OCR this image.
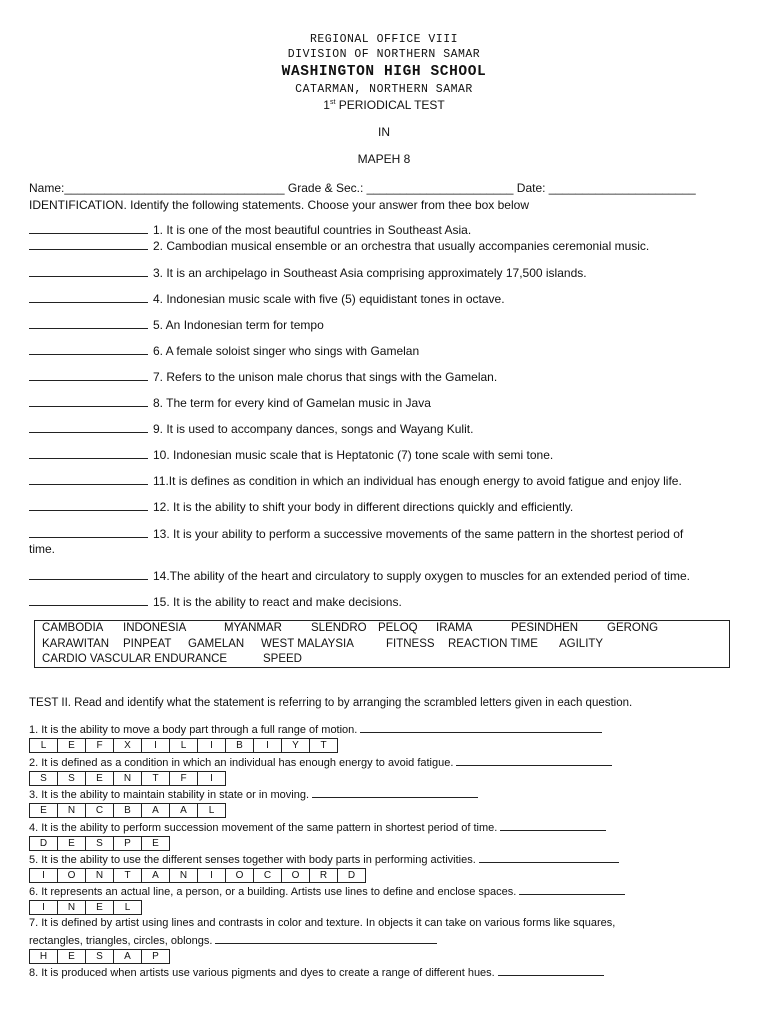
REGIONAL OFFICE VIII
DIVISION OF NORTHERN SAMAR
WASHINGTON HIGH SCHOOL
CATARMAN, NORTHERN SAMAR
1st PERIODICAL TEST
IN
MAPEH 8
Name:_________________________________ Grade & Sec.: ______________________ Date: ______________________
IDENTIFICATION. Identify the following statements. Choose your answer from thee box below
1. It is one of the most beautiful countries in Southeast Asia.
2. Cambodian musical ensemble or an orchestra that usually accompanies ceremonial music.
3. It is an archipelago in Southeast Asia comprising approximately 17,500 islands.
4. Indonesian music scale with five (5) equidistant tones in octave.
5. An Indonesian term for tempo
6. A female soloist singer who sings with Gamelan
7. Refers to the unison male chorus that sings with the Gamelan.
8. The term for every kind of Gamelan music in Java
9. It is used to accompany dances, songs and Wayang Kulit.
10. Indonesian music scale that is Heptatonic (7) tone scale with semi tone.
11.It is defines as condition in which an individual has enough energy to avoid fatigue and enjoy life.
12. It is the ability to shift your body in different directions quickly and efficiently.
13. It is your ability to perform a successive movements of the same pattern in the shortest period of
time.
14.The ability of the heart and circulatory to supply oxygen to muscles for an extended period of time.
15. It is the ability to react and make decisions.
CAMBODIA INDONESIA	MYANMAR	SLENDRO PELOQ IRAMA	PESINDHEN	GERONG
KARAWITAN PINPEAT GAMELAN WEST MALAYSIA	FITNESS REACTION TIME AGILITY
CARDIO VASCULAR ENDURANCE	SPEED
TEST II. Read and identify what the statement is referring to by arranging the scrambled letters given in each question.
1. It is the ability to move a body part through a full range of motion.
L	E	F	X	I	L	I	B	I	Y	T
2. It is defined as a condition in which an individual has enough energy to avoid fatigue.
S	S	E	N	T	F	I
3. It is the ability to maintain stability in state or in moving.
E	N	C	B	A	A	L
4. It is the ability to perform succession movement of the same pattern in shortest period of time.
D	E	S	P	E
5. It is the ability to use the different senses together with body parts in performing activities.
I	O	N	T	A	N	I	O	C	O	R	D
6. It represents an actual line, a person, or a building. Artists use lines to define and enclose spaces.
I	N	E	L
7. It is defined by artist using lines and contrasts in color and texture. In objects it can take on various forms like squares,
rectangles, triangles, circles, oblongs.
H	E	S	A	P
8. It is produced when artists use various pigments and dyes to create a range of different hues.
